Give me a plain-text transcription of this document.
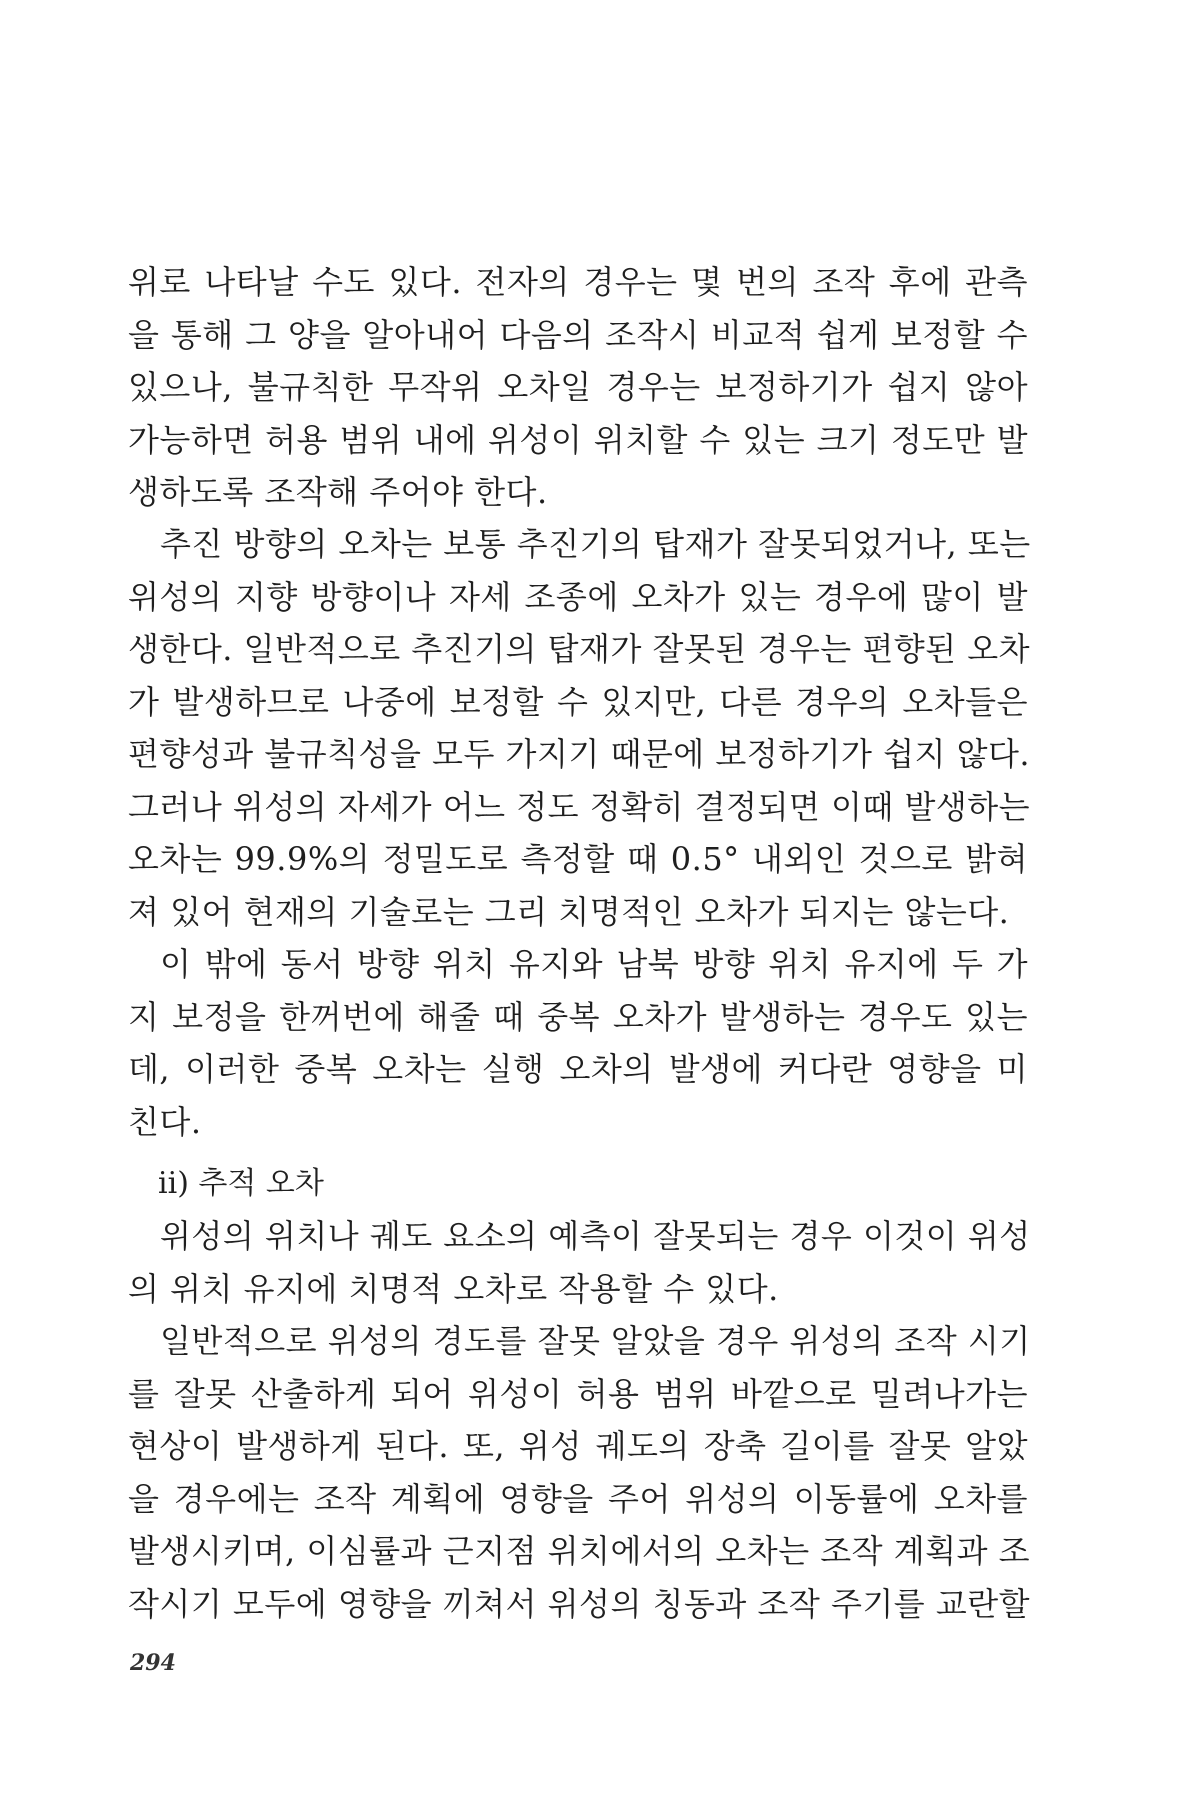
위로 나타날 수도 있다. 전자의 경우는 몇 번의 조작 후에 관측
을 통해 그 양을 알아내어 다음의 조작시 비교적 쉽게 보정할 수
있으나, 불규칙한 무작위 오차일 경우는 보정하기가 쉽지 않아
가능하면 허용 범위 내에 위성이 위치할 수 있는 크기 정도만 발
생하도록 조작해 주어야 한다.
추진 방향의 오차는 보통 추진기의 탑재가 잘못되었거나, 또는
위성의 지향 방향이나 자세 조종에 오차가 있는 경우에 많이 발
생한다. 일반적으로 추진기의 탑재가 잘못된 경우는 편향된 오차
가 발생하므로 나중에 보정할 수 있지만, 다른 경우의 오차들은
편향성과 불규칙성을 모두 가지기 때문에 보정하기가 쉽지 않다.
그러나 위성의 자세가 어느 정도 정확히 결정되면 이때 발생하는
오차는 99.9%의 정밀도로 측정할 때 0.5° 내외인 것으로 밝혀
져 있어 현재의 기술로는 그리 치명적인 오차가 되지는 않는다.
이 밖에 동서 방향 위치 유지와 남북 방향 위치 유지에 두 가
지 보정을 한꺼번에 해줄 때 중복 오차가 발생하는 경우도 있는
데, 이러한 중복 오차는 실행 오차의 발생에 커다란 영향을 미
친다.
ii) 추적 오차
위성의 위치나 궤도 요소의 예측이 잘못되는 경우 이것이 위성
의 위치 유지에 치명적 오차로 작용할 수 있다.
일반적으로 위성의 경도를 잘못 알았을 경우 위성의 조작 시기
를 잘못 산출하게 되어 위성이 허용 범위 바깥으로 밀려나가는
현상이 발생하게 된다. 또, 위성 궤도의 장축 길이를 잘못 알았
을 경우에는 조작 계획에 영향을 주어 위성의 이동률에 오차를
발생시키며, 이심률과 근지점 위치에서의 오차는 조작 계획과 조
작시기 모두에 영향을 끼쳐서 위성의 칭동과 조작 주기를 교란할
294
